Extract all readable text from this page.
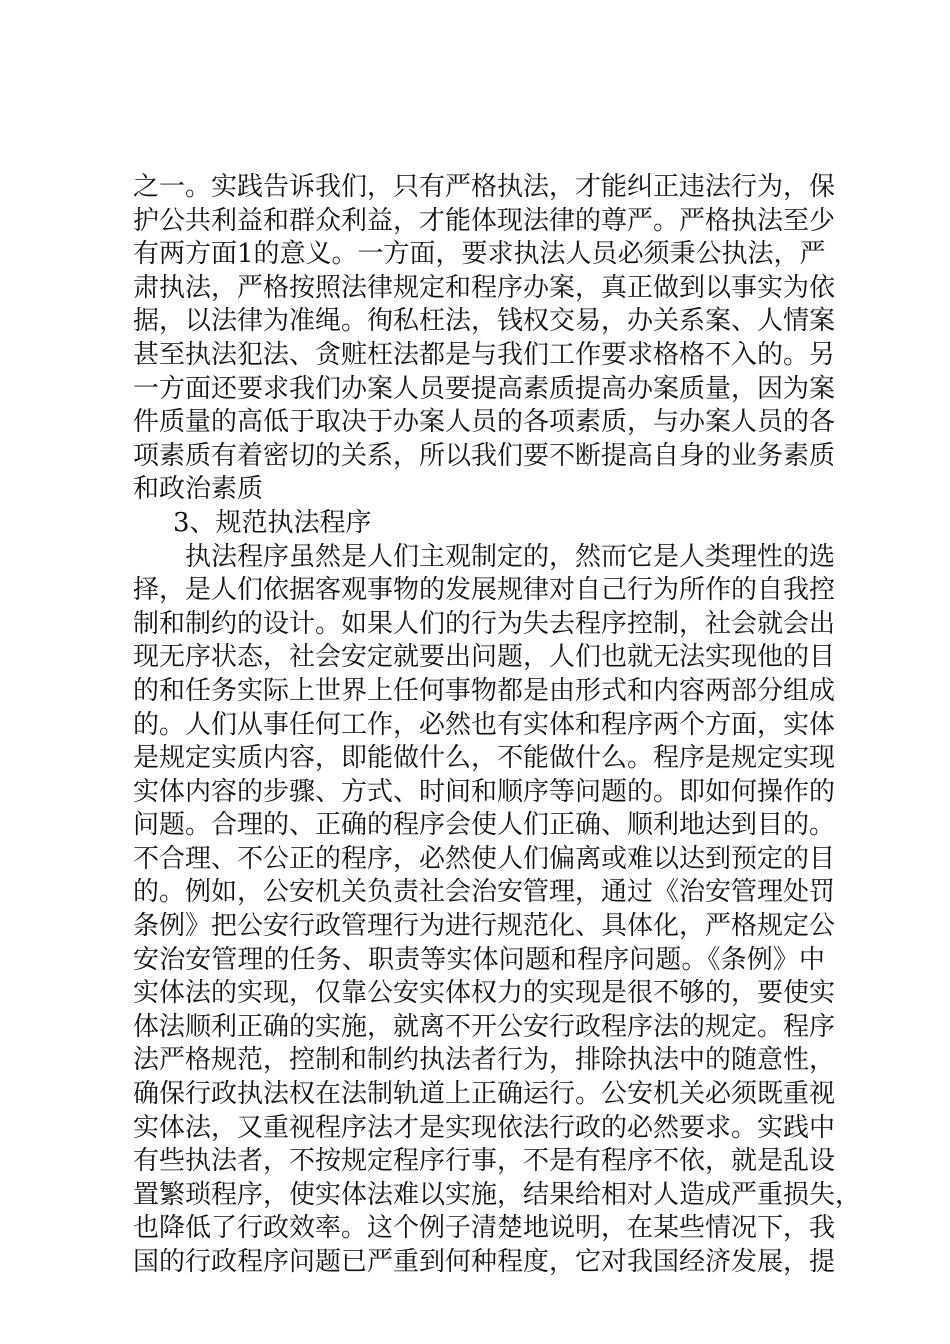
之一。实践告诉我们，只有严格执法，才能纠正违法行为，保
护公共利益和群众利益，才能体现法律的尊严。严格执法至少
有两方面1的意义。一方面，要求执法人员必须秉公执法，严
肃执法，严格按照法律规定和程序办案，真正做到以事实为依
据，以法律为准绳。徇私枉法，钱权交易，办关系案、人情案
甚至执法犯法、贪赃枉法都是与我们工作要求格格不入的。另
一方面还要求我们办案人员要提高素质提高办案质量，因为案
件质量的高低于取决于办案人员的各项素质，与办案人员的各
项素质有着密切的关系，所以我们要不断提高自身的业务素质
和政治素质
3、规范执法程序
执法程序虽然是人们主观制定的，然而它是人类理性的选
择，是人们依据客观事物的发展规律对自己行为所作的自我控
制和制约的设计。如果人们的行为失去程序控制，社会就会出
现无序状态，社会安定就要出问题，人们也就无法实现他的目
的和任务实际上世界上任何事物都是由形式和内容两部分组成
的。人们从事任何工作，必然也有实体和程序两个方面，实体
是规定实质内容，即能做什么，不能做什么。程序是规定实现
实体内容的步骤、方式、时间和顺序等问题的。即如何操作的
问题。合理的、正确的程序会使人们正确、顺利地达到目的。
不合理、不公正的程序，必然使人们偏离或难以达到预定的目
的。例如，公安机关负责社会治安管理，通过《治安管理处罚
条例》把公安行政管理行为进行规范化、具体化，严格规定公
安治安管理的任务、职责等实体问题和程序问题。《条例》中
实体法的实现，仅靠公安实体权力的实现是很不够的，要使实
体法顺利正确的实施，就离不开公安行政程序法的规定。程序
法严格规范，控制和制约执法者行为，排除执法中的随意性，
确保行政执法权在法制轨道上正确运行。公安机关必须既重视
实体法，又重视程序法才是实现依法行政的必然要求。实践中
有些执法者，不按规定程序行事，不是有程序不依，就是乱设
置繁琐程序，使实体法难以实施，结果给相对人造成严重损失，
也降低了行政效率。这个例子清楚地说明，在某些情况下，我
国的行政程序问题已严重到何种程度，它对我国经济发展，提
